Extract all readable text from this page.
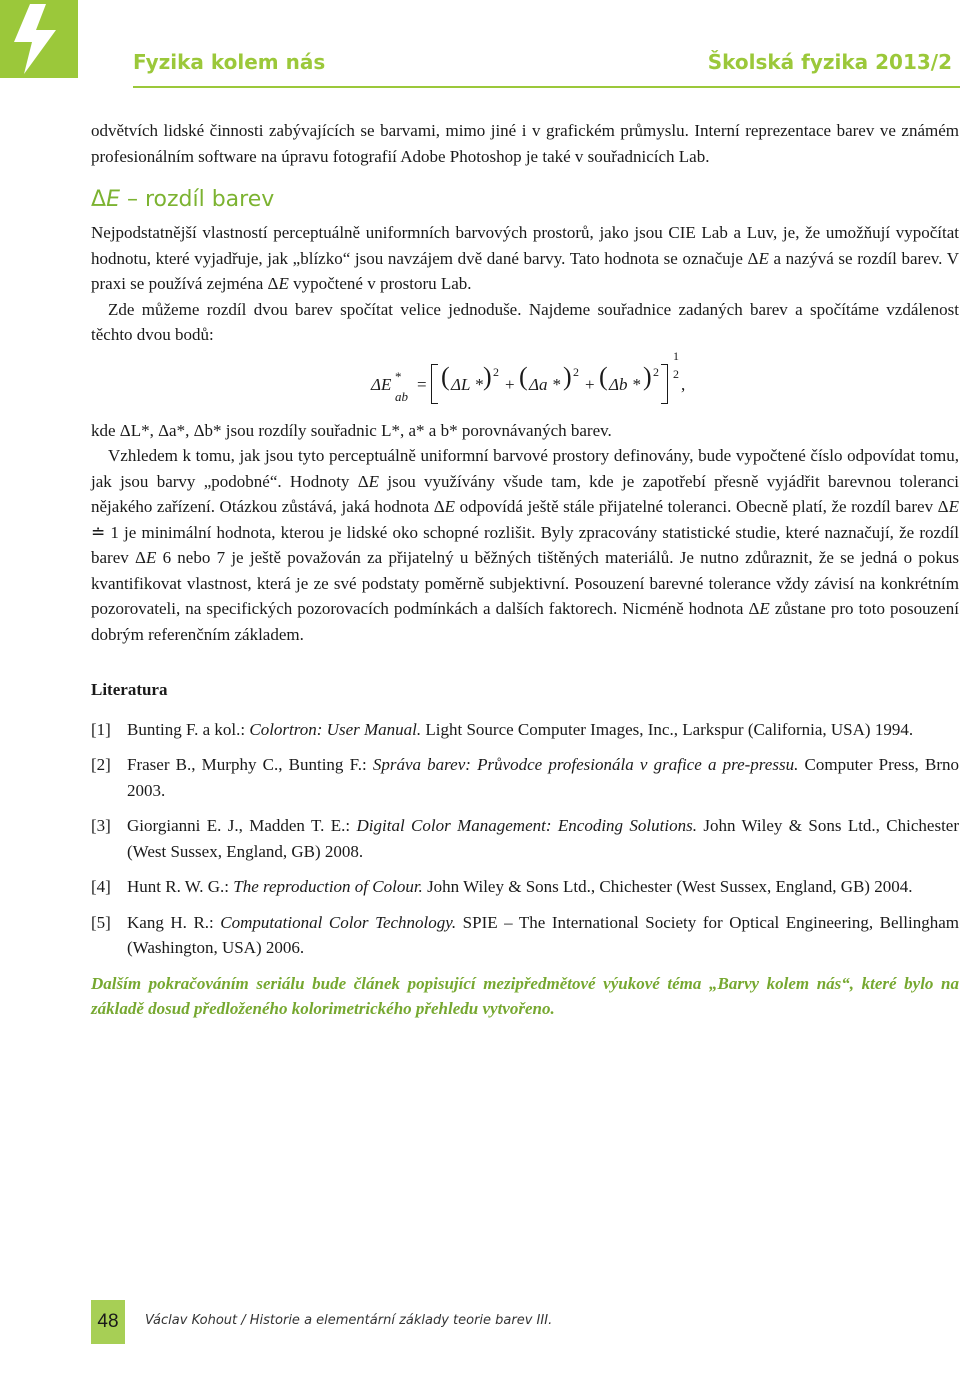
Fyzika kolem nás	Školská fyzika 2013/2

odvětvích lidské činnosti zabývajících se barvami, mimo jiné i v grafickém průmyslu. Interní reprezentace barev ve známém profesionálním software na úpravu fotografií Adobe Photoshop je také v souřadnicích Lab.

ΔE – rozdíl barev

Nejpodstatnější vlastností perceptuálně uniformních barvových prostorů, jako jsou CIE Lab a Luv, je, že umožňují vypočítat hodnotu, které vyjadřuje, jak „blízko“ jsou navzájem dvě dané barvy. Tato hodnota se označuje ΔE a nazývá se rozdíl barev. V praxi se používá zejména ΔE vypočtené v prostoru Lab.

Zde můžeme rozdíl dvou barev spočítat velice jednoduše. Najdeme souřadnice zadaných barev a spočítáme vzdálenost těchto dvou bodů:

ΔE *
ab
= ( ΔL * ) 2
+ ( Δa * ) 2
+ ( Δb * ) 2
1
2
,

kde ΔL*, Δa*, Δb* jsou rozdíly souřadnic L*, a* a b* porovnávaných barev.

Vzhledem k tomu, jak jsou tyto perceptuálně uniformní barvové prostory definovány, bude vypočtené číslo odpovídat tomu, jak jsou barvy „podobné“. Hodnoty ΔE jsou využívány všude tam, kde je zapotřebí přesně vyjádřit barevnou toleranci nějakého zařízení. Otázkou zůstává, jaká hodnota ΔE odpovídá ještě stále přijatelné toleranci. Obecně platí, že rozdíl barev ΔE ≐ 1 je minimální hodnota, kterou je lidské oko schopné rozlišit. Byly zpracovány statistické studie, které naznačují, že rozdíl barev ΔE 6 nebo 7 je ještě považován za přijatelný u běžných tištěných materiálů. Je nutno zdůraznit, že se jedná o pokus kvantifikovat vlastnost, která je ze své podstaty poměrně subjektivní. Posouzení barevné tolerance vždy závisí na konkrétním pozorovateli, na specifických pozorovacích podmínkách a dalších faktorech. Nicméně hodnota ΔE zůstane pro toto posouzení dobrým referenčním základem.

Literatura
[1] Bunting F. a kol.: Colortron: User Manual. Light Source Computer Images, Inc., Larkspur (California, USA) 1994.
[2] Fraser B., Murphy C., Bunting F.: Správa barev: Průvodce profesionála v grafice a pre-pressu. Computer Press, Brno 2003.
[3] Giorgianni E. J., Madden T. E.: Digital Color Management: Encoding Solutions. John Wiley & Sons Ltd., Chichester (West Sussex, England, GB) 2008.
[4] Hunt R. W. G.: The reproduction of Colour. John Wiley & Sons Ltd., Chichester (West Sussex, England, GB) 2004.
[5] Kang H. R.: Computational Color Technology. SPIE – The International Society for Optical Engineering, Bellingham (Washington, USA) 2006.

Dalším pokračováním seriálu bude článek popisující mezipředmětové výukové téma „Barvy kolem nás“, které bylo na základě dosud předloženého kolorimetrického přehledu vytvořeno.

48	Václav Kohout / Historie a elementární základy teorie barev III.
